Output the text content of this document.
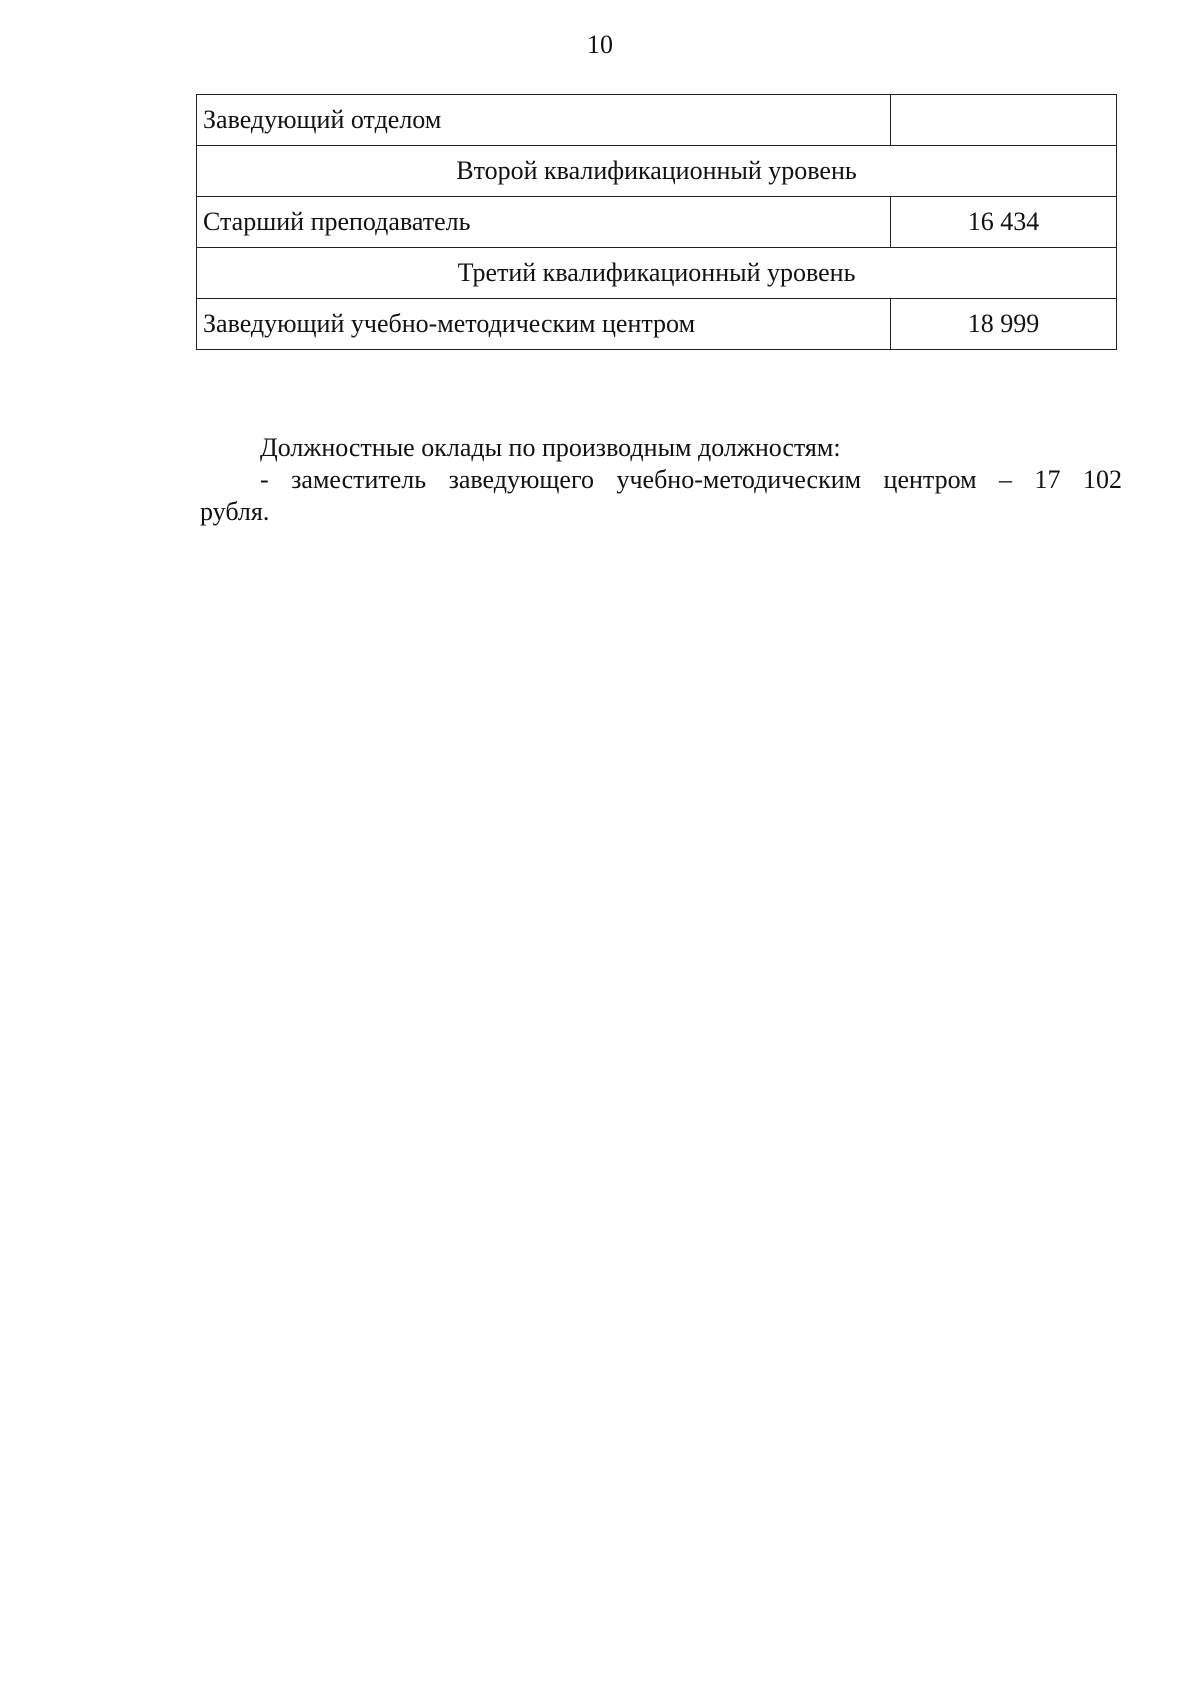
10
Заведующий отделом	
Второй квалификационный уровень	
Старший преподаватель	16 434
Третий квалификационный уровень	
Заведующий учебно-методическим центром	18 999

Должностные оклады по производным должностям:

- заместитель заведующего учебно-методическим центром – 17 102

рубля.
